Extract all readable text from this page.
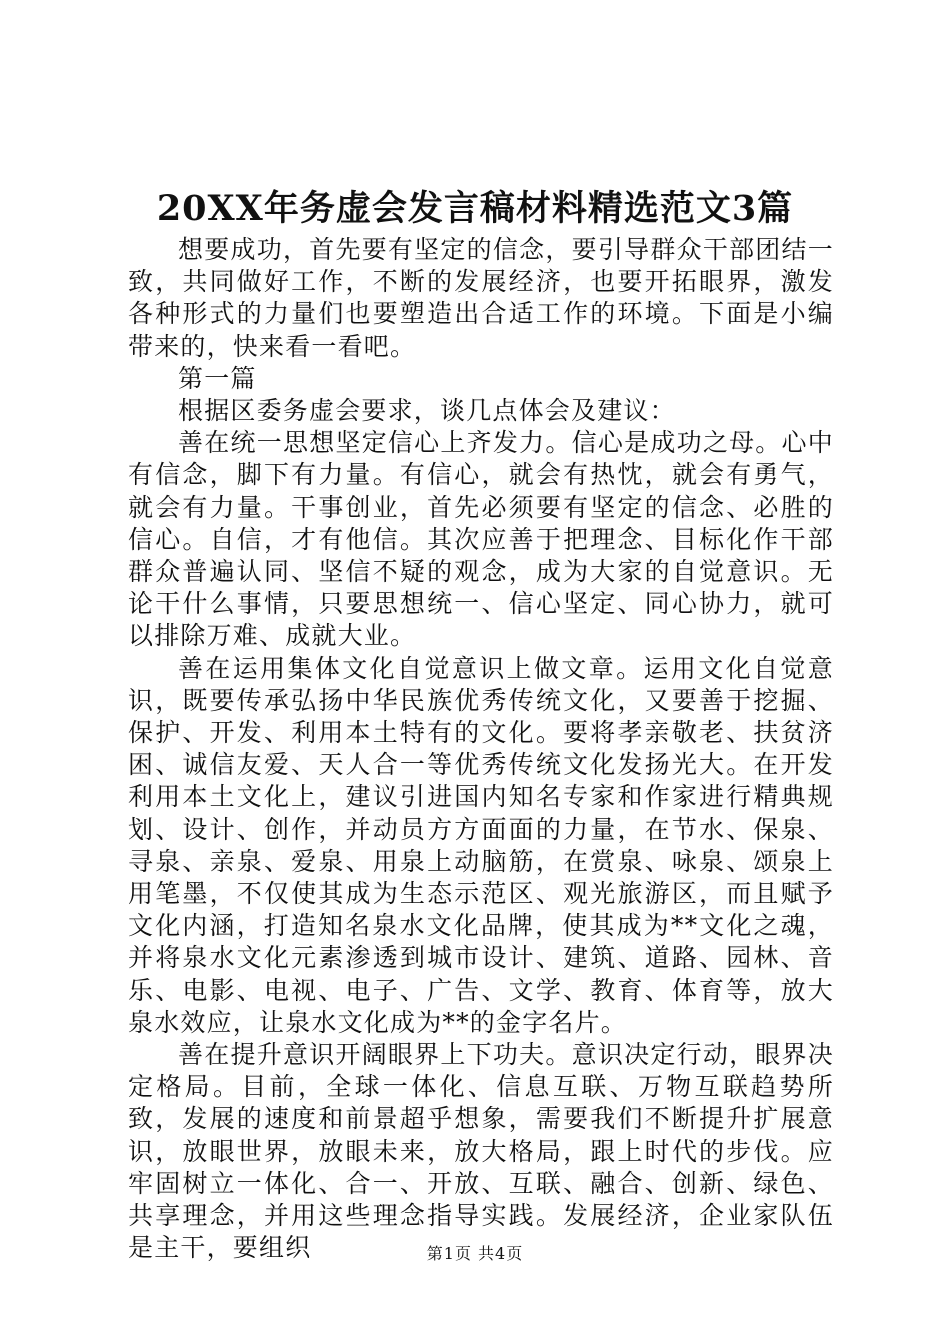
20XX年务虚会发言稿材料精选范文3篇

想要成功，首先要有坚定的信念，要引导群众干部团结一致，共同做好工作，不断的发展经济，也要开拓眼界，激发各种形式的力量们也要塑造出合适工作的环境。下面是小编带来的，快来看一看吧。

第一篇

根据区委务虚会要求，谈几点体会及建议：

善在统一思想坚定信心上齐发力。信心是成功之母。心中有信念，脚下有力量。有信心，就会有热忱，就会有勇气，就会有力量。干事创业，首先必须要有坚定的信念、必胜的信心。自信，才有他信。其次应善于把理念、目标化作干部群众普遍认同、坚信不疑的观念，成为大家的自觉意识。无论干什么事情，只要思想统一、信心坚定、同心协力，就可以排除万难、成就大业。

善在运用集体文化自觉意识上做文章。运用文化自觉意识，既要传承弘扬中华民族优秀传统文化，又要善于挖掘、保护、开发、利用本土特有的文化。要将孝亲敬老、扶贫济困、诚信友爱、天人合一等优秀传统文化发扬光大。在开发利用本土文化上，建议引进国内知名专家和作家进行精典规划、设计、创作，并动员方方面面的力量，在节水、保泉、寻泉、亲泉、爱泉、用泉上动脑筋，在赏泉、咏泉、颂泉上用笔墨，不仅使其成为生态示范区、观光旅游区，而且赋予文化内涵，打造知名泉水文化品牌，使其成为**文化之魂，并将泉水文化元素渗透到城市设计、建筑、道路、园林、音乐、电影、电视、电子、广告、文学、教育、体育等，放大泉水效应，让泉水文化成为**的金字名片。

善在提升意识开阔眼界上下功夫。意识决定行动，眼界决定格局。目前，全球一体化、信息互联、万物互联趋势所致，发展的速度和前景超乎想象，需要我们不断提升扩展意识，放眼世界，放眼未来，放大格局，跟上时代的步伐。应牢固树立一体化、合一、开放、互联、融合、创新、绿色、共享理念，并用这些理念指导实践。发展经济，企业家队伍是主干，要组织	第1页 共4页
